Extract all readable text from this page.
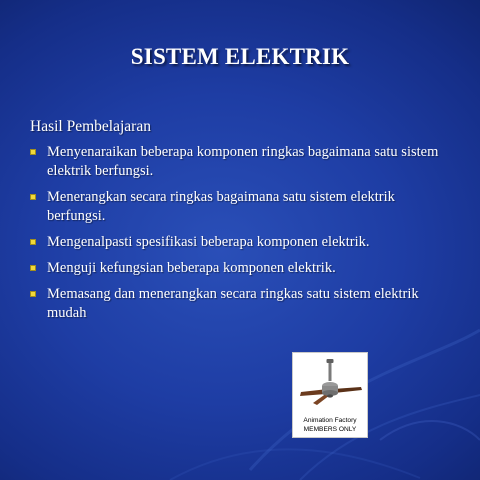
SISTEM ELEKTRIK
Hasil Pembelajaran
Menyenaraikan beberapa komponen ringkas bagaimana satu sistem elektrik berfungsi.
Menerangkan secara ringkas bagaimana satu sistem elektrik berfungsi.
Mengenalpasti spesifikasi beberapa komponen elektrik.
Menguji kefungsian beberapa komponen elektrik.
Memasang dan menerangkan secara ringkas satu sistem elektrik mudah
Animation Factory
MEMBERS ONLY
